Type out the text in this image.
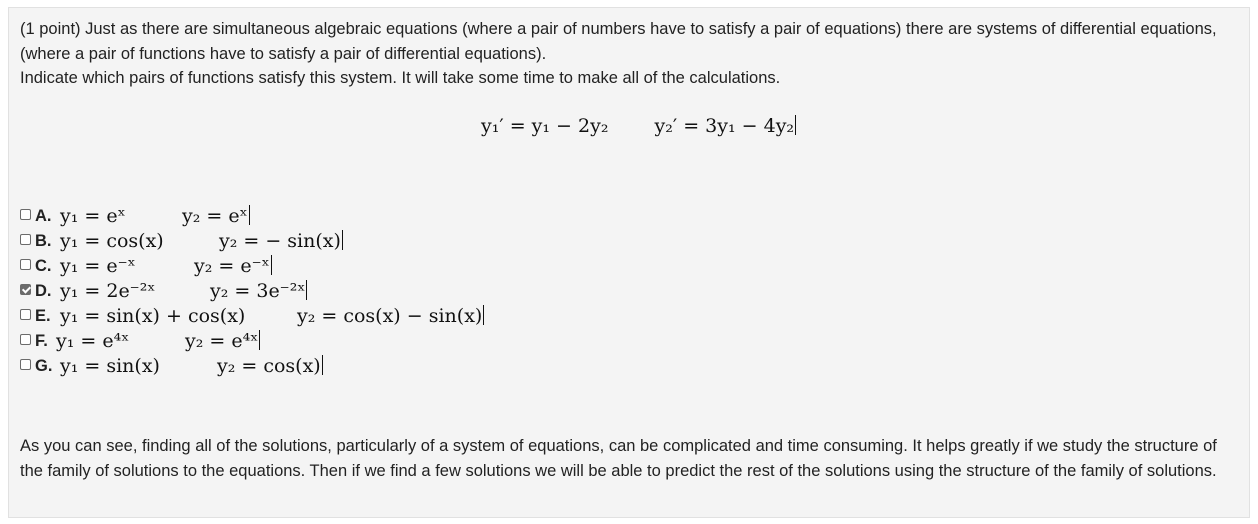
(1 point) Just as there are simultaneous algebraic equations (where a pair of numbers have to satisfy a pair of equations) there are systems of differential equations, (where a pair of functions have to satisfy a pair of differential equations).
Indicate which pairs of functions satisfy this system. It will take some time to make all of the calculations.
y₁′ = y₁ − 2y₂ y₂′ = 3y₁ − 4y₂
A. y₁ = eˣ	y₂ = eˣ
B. y₁ = cos(x)	y₂ = − sin(x)
C. y₁ = e⁻ˣ	y₂ = e⁻ˣ
D. y₁ = 2e⁻²ˣ	y₂ = 3e⁻²ˣ
E. y₁ = sin(x) + cos(x)	y₂ = cos(x) − sin(x)
F. y₁ = e⁴ˣ	y₂ = e⁴ˣ
G. y₁ = sin(x)	y₂ = cos(x)
As you can see, finding all of the solutions, particularly of a system of equations, can be complicated and time consuming. It helps greatly if we study the structure of the family of solutions to the equations. Then if we find a few solutions we will be able to predict the rest of the solutions using the structure of the family of solutions.
